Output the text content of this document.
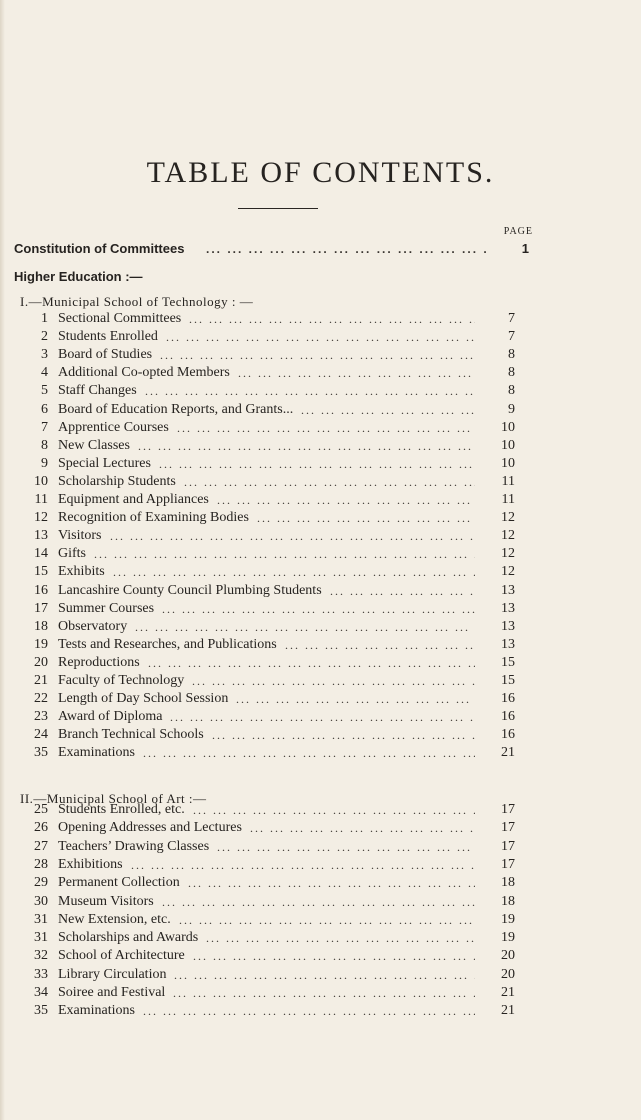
TABLE OF CONTENTS.
PAGE
Constitution of Committees ... .	1
Higher Education :—
I.—Municipal School of Technology : —
1 Sectional Committees ... .	7
2 Students Enrolled ... .	7
3 Board of Studies ... .	8
4 Additional Co-opted Members ... .	8
5 Staff Changes ... .	8
6 Board of Education Reports, and Grants... ... .	9
7 Apprentice Courses ... .	10
8 New Classes ... .	10
9 Special Lectures ... .	10
10 Scholarship Students ... .	11
11 Equipment and Appliances ... .	11
12 Recognition of Examining Bodies ... .	12
13 Visitors ... .	12
14 Gifts ... .	12
15 Exhibits ... .	12
16 Lancashire County Council Plumbing Students ... .	13
17 Summer Courses ... .	13
18 Observatory ... .	13
19 Tests and Researches, and Publications ... .	13
20 Reproductions ... .	15
21 Faculty of Technology ... .	15
22 Length of Day School Session ... .	16
23 Award of Diploma ... .	16
24 Branch Technical Schools ... .	16
35 Examinations ... .	21
II.—Municipal School of Art :—
25 Students Enrolled, etc. ... .	17
26 Opening Addresses and Lectures ... .	17
27 Teachers’ Drawing Classes ... .	17
28 Exhibitions ... .	17
29 Permanent Collection ... .	18
30 Museum Visitors ... .	18
31 New Extension, etc. ... .	19
31 Scholarships and Awards ... .	19
32 School of Architecture ... .	20
33 Library Circulation ... .	20
34 Soiree and Festival ... .	21
35 Examinations ... .	21
